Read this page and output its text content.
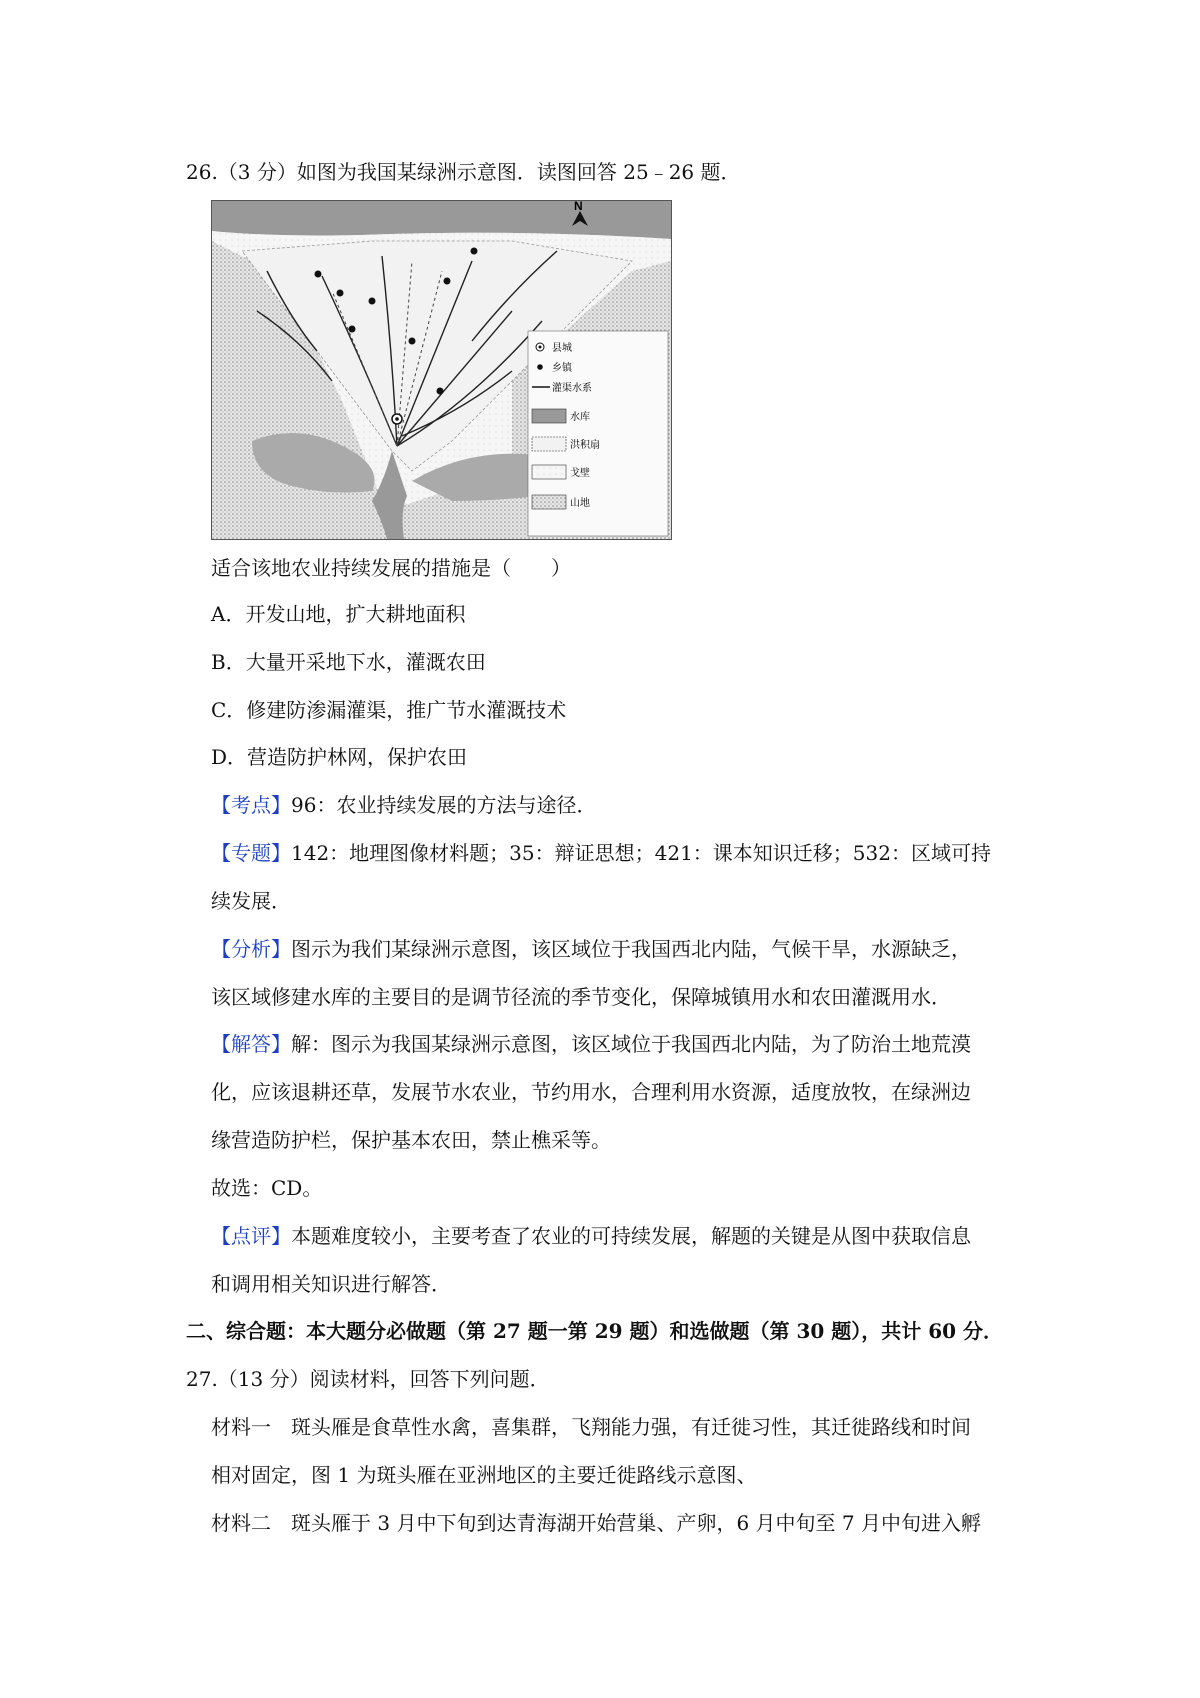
26.（3 分）如图为我国某绿洲示意图．读图回答 25﹣26 题．
N
县城
乡镇
灌渠水系
水库
洪积扇
戈壁
山地
适合该地农业持续发展的措施是（　　）
A．开发山地，扩大耕地面积
B．大量开采地下水，灌溉农田
C．修建防渗漏灌渠，推广节水灌溉技术
D．营造防护林网，保护农田
【考点】96：农业持续发展的方法与途径．
【专题】142：地理图像材料题；35：辩证思想；421：课本知识迁移；532：区域可持
续发展．
【分析】图示为我们某绿洲示意图，该区域位于我国西北内陆，气候干旱，水源缺乏，
该区域修建水库的主要目的是调节径流的季节变化，保障城镇用水和农田灌溉用水．
【解答】解：图示为我国某绿洲示意图，该区域位于我国西北内陆，为了防治土地荒漠
化，应该退耕还草，发展节水农业，节约用水，合理利用水资源，适度放牧，在绿洲边
缘营造防护栏，保护基本农田，禁止樵采等。
故选：CD。
【点评】本题难度较小，主要考查了农业的可持续发展，解题的关键是从图中获取信息
和调用相关知识进行解答．
二、综合题：本大题分必做题（第 27 题一第 29 题）和选做题（第 30 题），共计 60 分．
27.（13 分）阅读材料，回答下列问题．
材料一　斑头雁是食草性水禽，喜集群，飞翔能力强，有迁徙习性，其迁徙路线和时间
相对固定，图 1 为斑头雁在亚洲地区的主要迁徙路线示意图、
材料二　斑头雁于 3 月中下旬到达青海湖开始营巢、产卵，6 月中旬至 7 月中旬进入孵
